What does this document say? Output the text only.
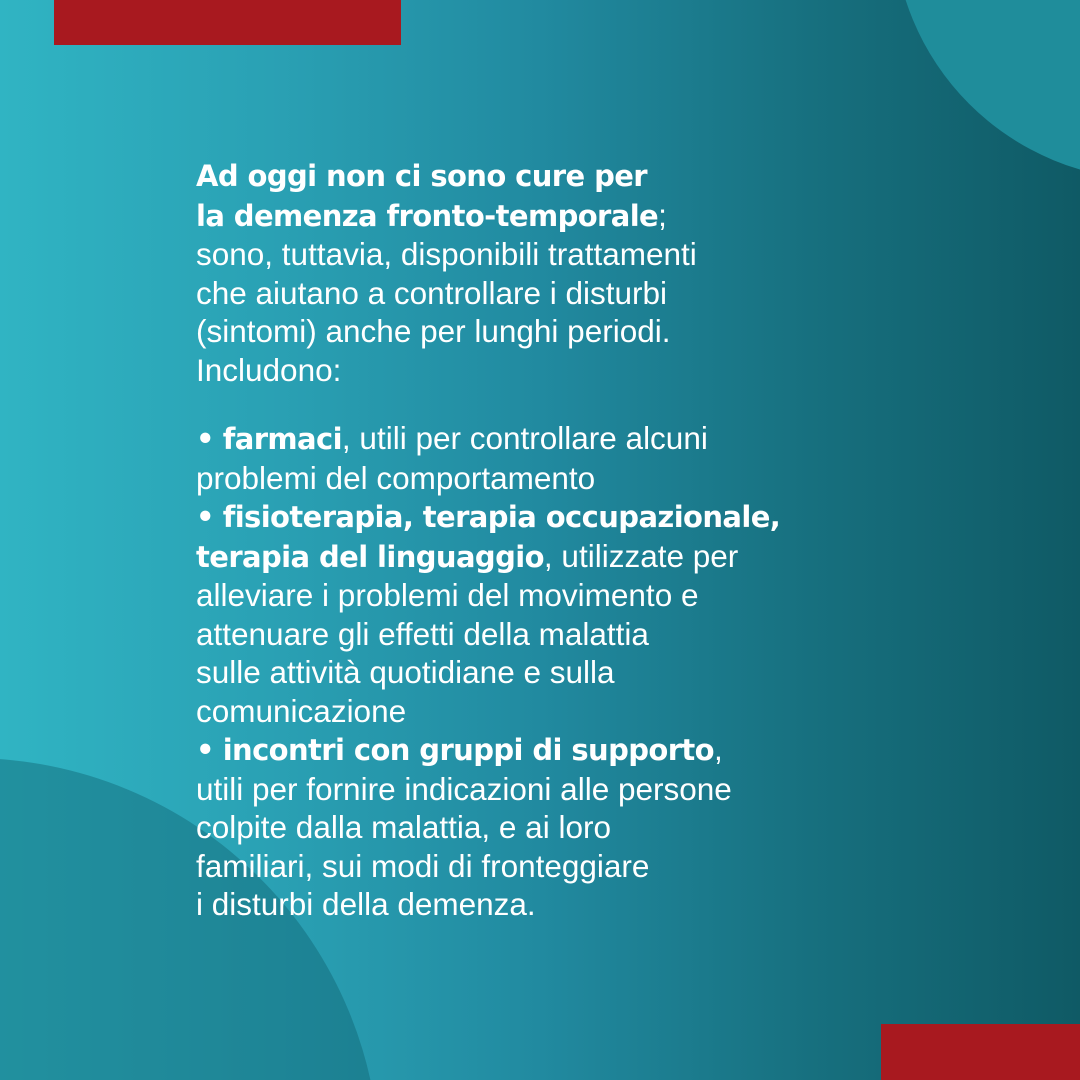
Ad oggi non ci sono cure per
la demenza fronto-temporale;
sono, tuttavia, disponibili trattamenti
che aiutano a controllare i disturbi
(sintomi) anche per lunghi periodi.
Includono:
• farmaci, utili per controllare alcuni
problemi del comportamento
• fisioterapia, terapia occupazionale,
terapia del linguaggio, utilizzate per
alleviare i problemi del movimento e
attenuare gli effetti della malattia
sulle attività quotidiane e sulla
comunicazione
• incontri con gruppi di supporto,
utili per fornire indicazioni alle persone
colpite dalla malattia, e ai loro
familiari, sui modi di fronteggiare
i disturbi della demenza.
